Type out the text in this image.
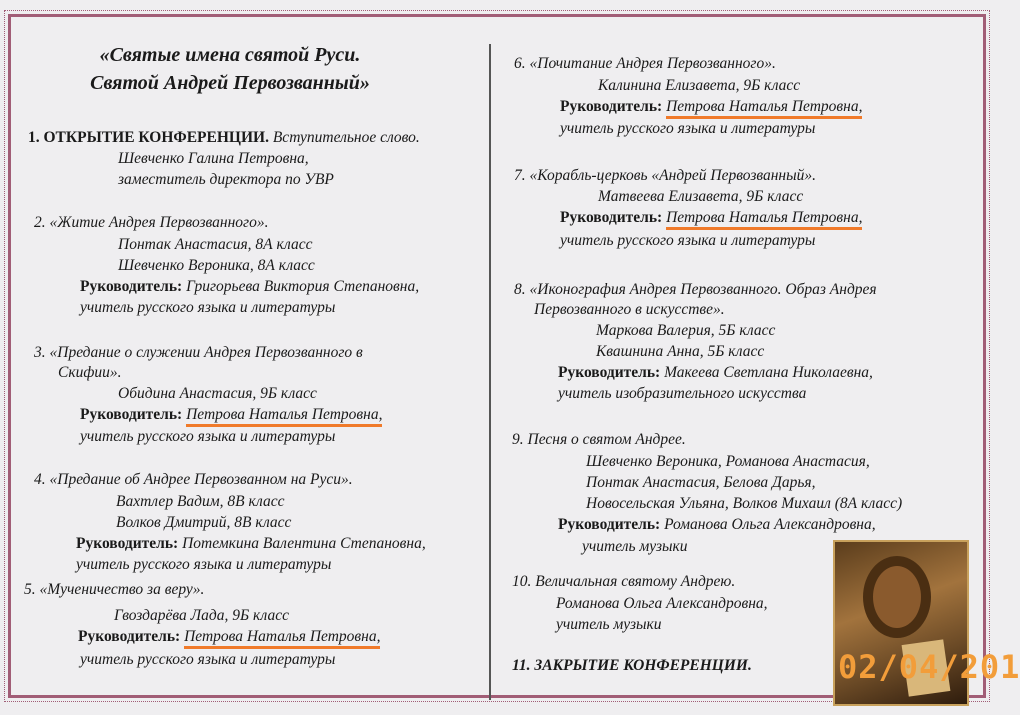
«Святые имена святой Руси.
Святой Андрей Первозванный»
1. ОТКРЫТИЕ КОНФЕРЕНЦИИ. Вступительное слово.
Шевченко Галина Петровна,
заместитель директора по УВР
2. «Житие Андрея Первозванного».
Понтак Анастасия, 8А класс
Шевченко Вероника, 8А класс
Руководитель: Григорьева Виктория Степановна,
учитель русского языка и литературы
3. «Предание о служении Андрея Первозванного в
Скифии».
Обидина Анастасия, 9Б класс
Руководитель: Петрова Наталья Петровна,
учитель русского языка и литературы
4. «Предание об Андрее Первозванном на Руси».
Вахтлер Вадим, 8В класс
Волков Дмитрий, 8В класс
Руководитель: Потемкина Валентина Степановна,
учитель русского языка и литературы
5. «Мученичество за веру».
Гвоздарёва Лада, 9Б класс
Руководитель: Петрова Наталья Петровна,
учитель русского языка и литературы
6. «Почитание Андрея Первозванного».
Калинина Елизавета, 9Б класс
Руководитель: Петрова Наталья Петровна,
учитель русского языка и литературы
7. «Корабль-церковь «Андрей Первозванный».
Матвеева Елизавета, 9Б класс
Руководитель: Петрова Наталья Петровна,
учитель русского языка и литературы
8. «Иконография Андрея Первозванного. Образ Андрея
Первозванного в искусстве».
Маркова Валерия, 5Б класс
Квашнина Анна, 5Б класс
Руководитель: Макеева Светлана Николаевна,
учитель изобразительного искусства
9. Песня о святом Андрее.
Шевченко Вероника, Романова Анастасия,
Понтак Анастасия, Белова Дарья,
Новосельская Ульяна, Волков Михаил (8А класс)
Руководитель: Романова Ольга Александровна,
учитель музыки
10. Величальная святому Андрею.
Романова Ольга Александровна,
учитель музыки
11. ЗАКРЫТИЕ КОНФЕРЕНЦИИ.	02/04/201
